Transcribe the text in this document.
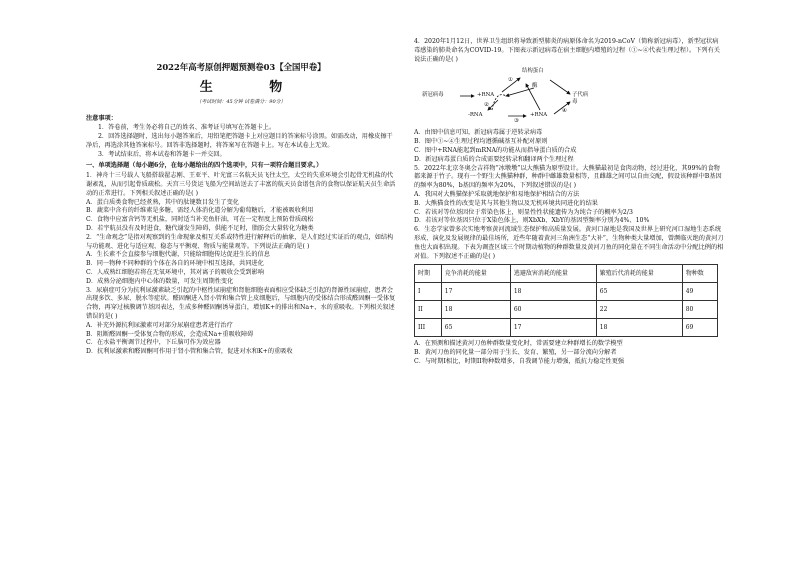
2022年高考原创押题预测卷03【全国甲卷】
生 物
（考试时间：45分钟 试卷满分：90分）

注意事项：

1．答卷前，考生务必将自己的姓名、准考证号填写在答题卡上。

2．回答选择题时，选出每小题答案后，用铅笔把答题卡上对应题目的答案标号涂黑。如需改动，用橡皮擦干净后，再选涂其他答案标号。回答非选择题时，将答案写在答题卡上。写在本试卷上无效。

3．考试结束后，将本试卷和答题卡一并交回。

一、单项选择题（每小题6分，在每小题给出的四个选项中，只有一项符合题目要求。）

1．神舟十三号载人飞船搭载翟志刚、王亚平、叶光富三名航天员飞往太空，太空的失重环境会引起骨无机盐的代谢紊乱，从而引起骨质疏松。天宫三号货运飞船为空间站送去了丰富的航天员食谱包含的食物以保证航天员生命活动的正常进行。下列相关叙述正确的是( )

A．蛋白质类食物已经煮熟，其中的肽键数目发生了变化

B．蔬菜中含有的纤维素是多糖，需经人体消化道分解为葡萄糖后，才能被吸收利用

C．食物中应富含钙等无机盐，同时适当补充鱼肝油，可在一定程度上预防骨质疏松

D．若宇航员没有及时进食，糖代谢发生障碍，供能不足时，脂肪会大量转化为糖类

2．“生命观念”是指对观察到的生命现象及相互关系或特性进行解释后的抽象，是人们经过实证后的观点，如结构与功能观、进化与适应观、稳态与平衡观、物质与能量观等。下列说法正确的是( )

A．生长素不会直接参与细胞代谢，只能给细胞传达促进生长的信息

B．同一物种不同种群的个体在各自的环境中相互选择，共同进化

C．人成熟红细胞若将在无氧环境中，其对离子的吸收会受到影响

D．成熟分泌细胞内中心体的数量，可发生周期性变化

3．尿崩症可分为抗利尿激素缺乏引起的中枢性尿崩症和肾脏细胞表面相应受体缺乏引起的肾源性尿崩症，患者会出现多饮、多尿、脱水等症状。醛固酮进入肾小管和集合管上皮细胞后，与细胞内的受体结合形成醛固酮一受体复合物，再穿过核膜调节基因表达，生成多种醛固酮诱导蛋白，增加K+的排出和Na+、水的重吸收。下列相关叙述错误的是( )

A．补充外源抗利尿激素可对部分尿崩症患者进行治疗

B．阻断醛固酮一受体复合物的形成，会造成Na+重吸收障碍

C．在水盐平衡调节过程中，下丘脑可作为效应器

D．抗利尿激素和醛固酮可作用于肾小管和集合管，促进对水和K+的重吸收

4．2020年1月12日，世界卫生组织将导致新型肺炎的病原体命名为2019-nCoV（简称新冠病毒），新型冠状病毒感染的肺炎命名为COVID-19。下图表示新冠病毒在宿主细胞内增殖的过程（①~④代表生理过程）。下列有关说法正确的是( )

新冠病毒	+RNA
-RNA	+RNA
结构蛋白
酶
子代病毒
①
②
③
④

A．由图中信息可知，新冠病毒属于逆转录病毒

B．图中①~④生理过程均遵循碱基互补配对原则

C．图中+RNA能起到mRNA的功能从而指导蛋白质的合成

D．新冠病毒蛋白质的合成需要经转录和翻译两个生理过程

5．2022年北京冬奥会吉祥物“冰墩墩”以大熊猫为原型设计。大熊猫最初是食肉动物，经过进化，其99%的食物都来源于竹子。现有一个野生大熊猫种群，种群中雌雄数量相等，且雌雄之间可以自由交配，假设该种群中B基因的频率为80%，b基因的频率为20%，下列叙述错误的是( )

A．我国对大熊猫保护采取就地保护和易地保护相结合的方法

B．大熊猫食性的改变是其与其他生物以及无机环境共同进化的结果

C．若该对等位基因位于常染色体上，则显性性状能遗传为为纯合子的概率为2/3

D．若该对等位基因只位于X染色体上，则XbXb、XbY的基因型频率分别为4%、10%

6．生态学家曾多次实地考察黄河流域生态保护和高质量发展。黄河口湿地是我国及世界上研究河口湿地生态系统形成、演化及发展规律的最佳场所，近些年随着黄河三角洲生态“大补”，生物种类大量增加，曾濒临灭绝的黄河刀鱼也大面积出现。下表为调查区域三个时期动植物的种群数量及黄河刀鱼的同化量在不同生命活动中分配比例的相对值。下列叙述不正确的是( )

时期	竞争消耗的能量	逃避敌害消耗的能量	繁殖后代消耗的能量	物种数
I	17	18	65	49
II	18	60	22	80
III	65	17	18	69

A．在预测和描述黄河刀鱼种群数量变化时，常需要建立种群增长的数学模型

B．黄河刀鱼的同化量一部分用于生长、发育、繁殖，另一部分流向分解者

C．与时期I相比，时期II物种数增多，自我调节能力增强，抵抗力稳定性更强
